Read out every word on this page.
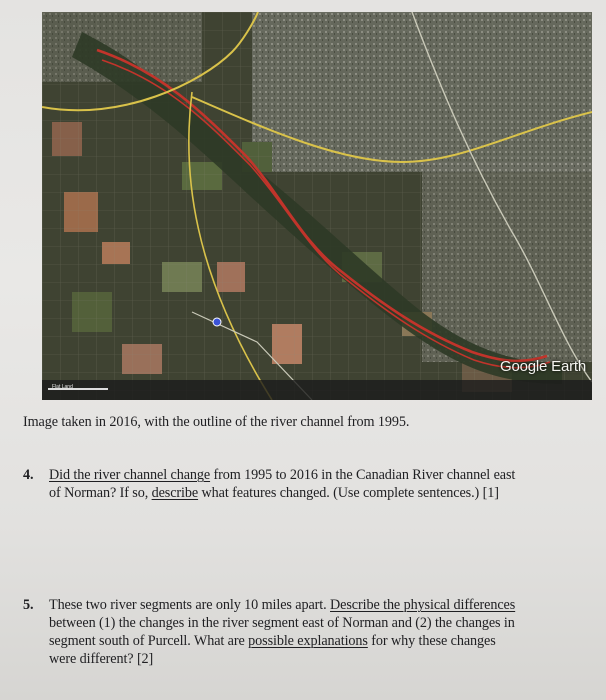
Flat Land
Google Earth
Image taken in 2016, with the outline of the river channel from 1995.
4. Did the river channel change from 1995 to 2016 in the Canadian River channel east
of Norman? If so, describe what features changed. (Use complete sentences.) [1]
5. These two river segments are only 10 miles apart. Describe the physical differences
between (1) the changes in the river segment east of Norman and (2) the changes in
segment south of Purcell. What are possible explanations for why these changes
were different? [2]
